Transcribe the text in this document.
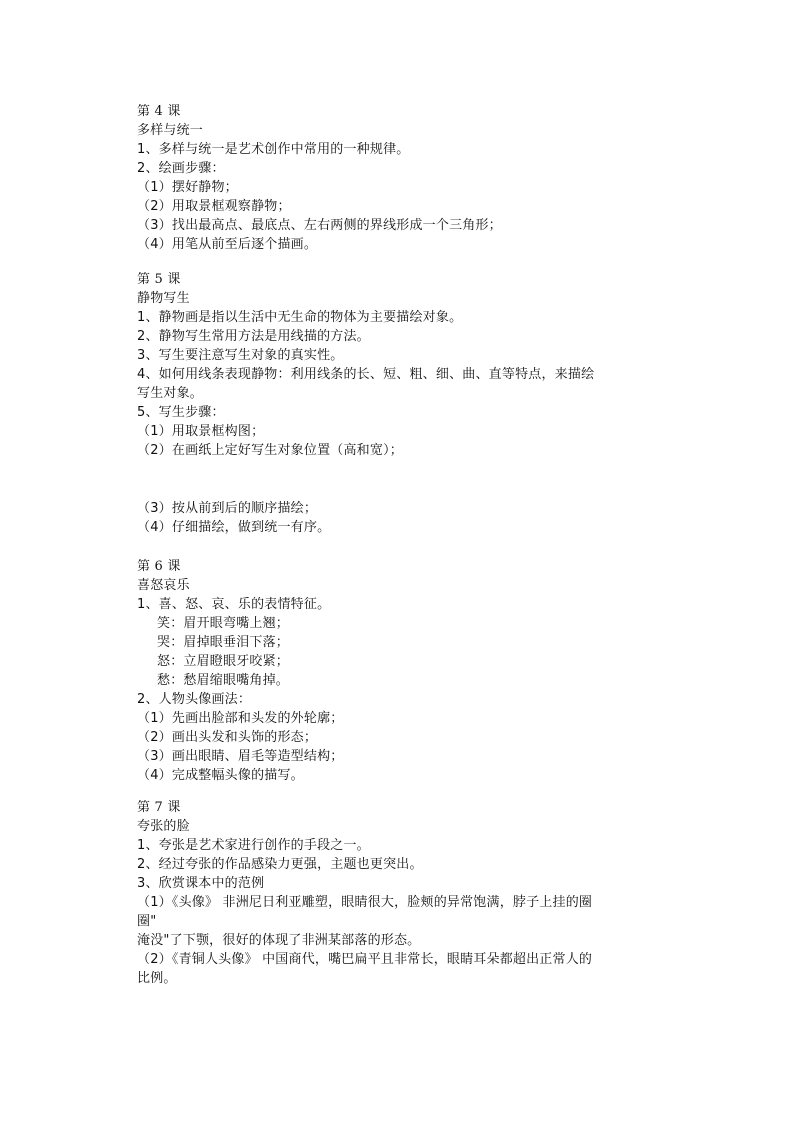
第 4 课
多样与统一
1、多样与统一是艺术创作中常用的一种规律。
2、绘画步骤：
（1）摆好静物；
（2）用取景框观察静物；
（3）找出最高点、最底点、左右两侧的界线形成一个三角形；
（4）用笔从前至后逐个描画。
第 5 课
静物写生
1、静物画是指以生活中无生命的物体为主要描绘对象。
2、静物写生常用方法是用线描的方法。
3、写生要注意写生对象的真实性。
4、如何用线条表现静物：利用线条的长、短、粗、细、曲、直等特点，来描绘
写生对象。
5、写生步骤：
（1）用取景框构图；
（2）在画纸上定好写生对象位置（高和宽）；
（3）按从前到后的顺序描绘；
（4）仔细描绘，做到统一有序。
第 6 课
喜怒哀乐
1、喜、怒、哀、乐的表情特征。
笑：眉开眼弯嘴上翘；
哭：眉掉眼垂泪下落；
怒：立眉瞪眼牙咬紧；
愁：愁眉缩眼嘴角掉。
2、人物头像画法：
（1）先画出脸部和头发的外轮廓；
（2）画出头发和头饰的形态；
（3）画出眼睛、眉毛等造型结构；
（4）完成整幅头像的描写。
第 7 课
夸张的脸
1、夸张是艺术家进行创作的手段之一。
2、经过夸张的作品感染力更强，主题也更突出。
3、欣赏课本中的范例
（1）《头像》 非洲尼日利亚雕塑，眼睛很大，脸颊的异常饱满，脖子上挂的圈
圈"
淹没"了下颚，很好的体现了非洲某部落的形态。
（2）《青铜人头像》 中国商代，嘴巴扁平且非常长，眼睛耳朵都超出正常人的
比例。
